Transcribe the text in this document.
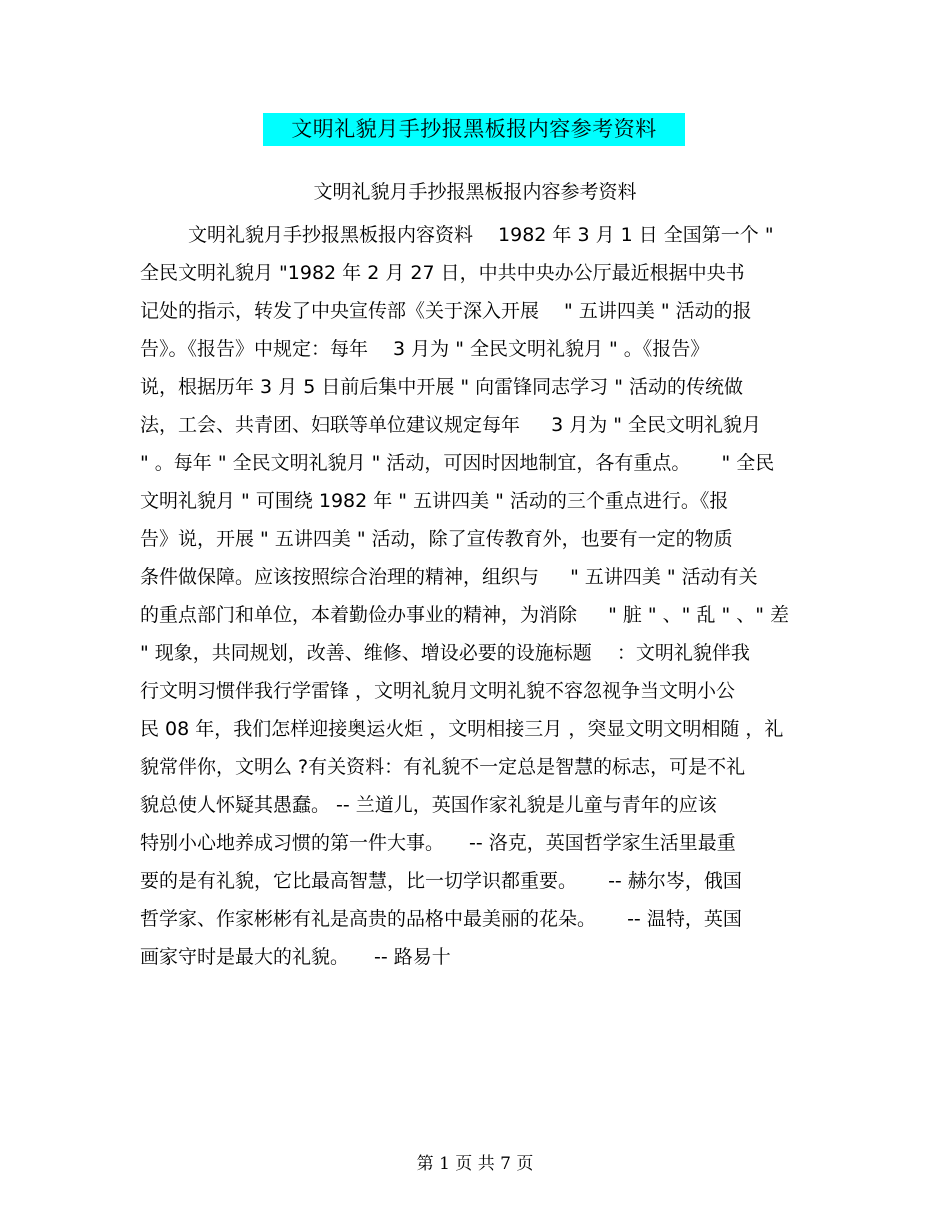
文明礼貌月手抄报黑板报内容参考资料
文明礼貌月手抄报黑板报内容参考资料
文明礼貌月手抄报黑板报内容资料 　1982 年 3 月 1 日 全国第一个 "
全民文明礼貌月 "1982 年 2 月 27 日，中共中央办公厅最近根据中央书
记处的指示，转发了中央宣传部《关于深入开展 　" 五讲四美 " 活动的报
告》。《报告》中规定：每年 　3 月为 " 全民文明礼貌月 " 。《报告》
说，根据历年 3 月 5 日前后集中开展 " 向雷锋同志学习 " 活动的传统做
法，工会、共青团、妇联等单位建议规定每年 　 3 月为 " 全民文明礼貌月
" 。每年 " 全民文明礼貌月 " 活动，可因时因地制宜，各有重点。 　 " 全民
文明礼貌月 " 可围绕 1982 年 " 五讲四美 " 活动的三个重点进行。《报
告》说，开展 " 五讲四美 " 活动，除了宣传教育外，也要有一定的物质
条件做保障。应该按照综合治理的精神，组织与 　 " 五讲四美 " 活动有关
的重点部门和单位，本着勤俭办事业的精神，为消除 　 " 脏 " 、" 乱 " 、" 差
" 现象，共同规划，改善、维修、增设必要的设施标题 　：文明礼貌伴我
行文明习惯伴我行学雷锋 ，文明礼貌月文明礼貌不容忽视争当文明小公
民 08 年，我们怎样迎接奥运火炬 ，文明相接三月 ，突显文明文明相随 ，礼
貌常伴你，文明么 ?有关资料：有礼貌不一定总是智慧的标志，可是不礼
貌总使人怀疑其愚蠢。 -- 兰道儿，英国作家礼貌是儿童与青年的应该
特别小心地养成习惯的第一件大事。 　-- 洛克，英国哲学家生活里最重
要的是有礼貌，它比最高智慧，比一切学识都重要。 　 -- 赫尔岑，俄国
哲学家、作家彬彬有礼是高贵的品格中最美丽的花朵。 　 -- 温特，英国
画家守时是最大的礼貌。 　-- 路易十
第 1 页 共 7 页
